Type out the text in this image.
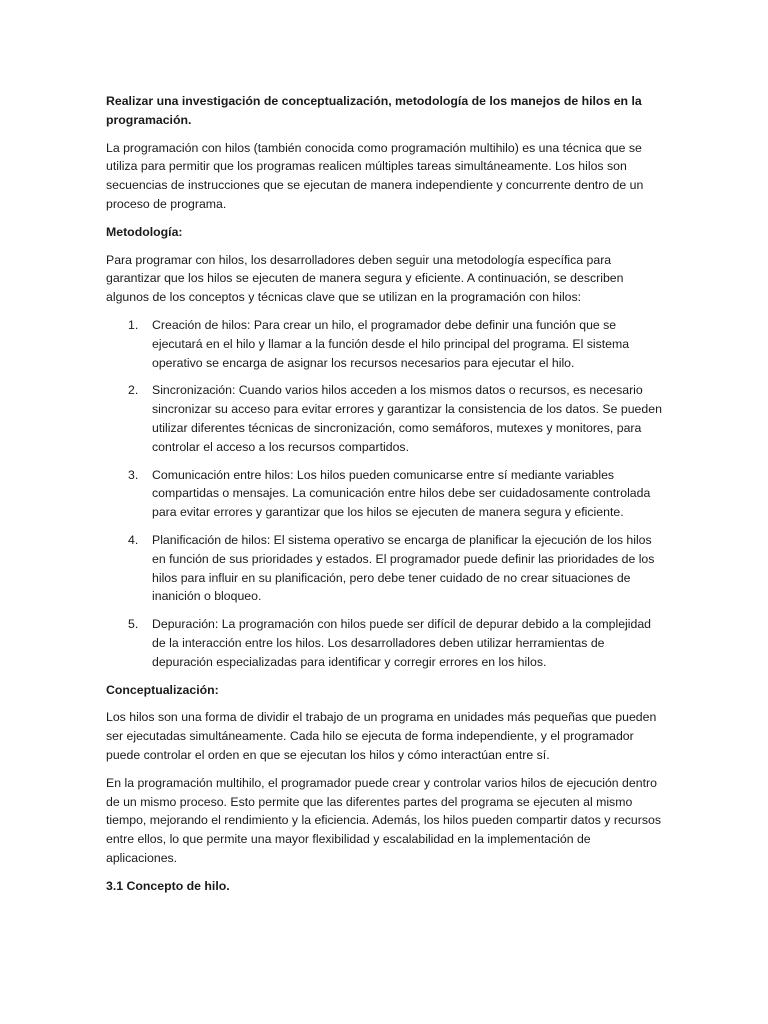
Realizar una investigación de conceptualización, metodología de los manejos de hilos en la programación.

La programación con hilos (también conocida como programación multihilo) es una técnica que se utiliza para permitir que los programas realicen múltiples tareas simultáneamente. Los hilos son secuencias de instrucciones que se ejecutan de manera independiente y concurrente dentro de un proceso de programa.

Metodología:

Para programar con hilos, los desarrolladores deben seguir una metodología específica para garantizar que los hilos se ejecuten de manera segura y eficiente. A continuación, se describen algunos de los conceptos y técnicas clave que se utilizan en la programación con hilos:

1. Creación de hilos: Para crear un hilo, el programador debe definir una función que se ejecutará en el hilo y llamar a la función desde el hilo principal del programa. El sistema operativo se encarga de asignar los recursos necesarios para ejecutar el hilo.
2. Sincronización: Cuando varios hilos acceden a los mismos datos o recursos, es necesario sincronizar su acceso para evitar errores y garantizar la consistencia de los datos. Se pueden utilizar diferentes técnicas de sincronización, como semáforos, mutexes y monitores, para controlar el acceso a los recursos compartidos.
3. Comunicación entre hilos: Los hilos pueden comunicarse entre sí mediante variables compartidas o mensajes. La comunicación entre hilos debe ser cuidadosamente controlada para evitar errores y garantizar que los hilos se ejecuten de manera segura y eficiente.
4. Planificación de hilos: El sistema operativo se encarga de planificar la ejecución de los hilos en función de sus prioridades y estados. El programador puede definir las prioridades de los hilos para influir en su planificación, pero debe tener cuidado de no crear situaciones de inanición o bloqueo.
5. Depuración: La programación con hilos puede ser difícil de depurar debido a la complejidad de la interacción entre los hilos. Los desarrolladores deben utilizar herramientas de depuración especializadas para identificar y corregir errores en los hilos.

Conceptualización:

Los hilos son una forma de dividir el trabajo de un programa en unidades más pequeñas que pueden ser ejecutadas simultáneamente. Cada hilo se ejecuta de forma independiente, y el programador puede controlar el orden en que se ejecutan los hilos y cómo interactúan entre sí.

En la programación multihilo, el programador puede crear y controlar varios hilos de ejecución dentro de un mismo proceso. Esto permite que las diferentes partes del programa se ejecuten al mismo tiempo, mejorando el rendimiento y la eficiencia. Además, los hilos pueden compartir datos y recursos entre ellos, lo que permite una mayor flexibilidad y escalabilidad en la implementación de aplicaciones.

3.1 Concepto de hilo.
